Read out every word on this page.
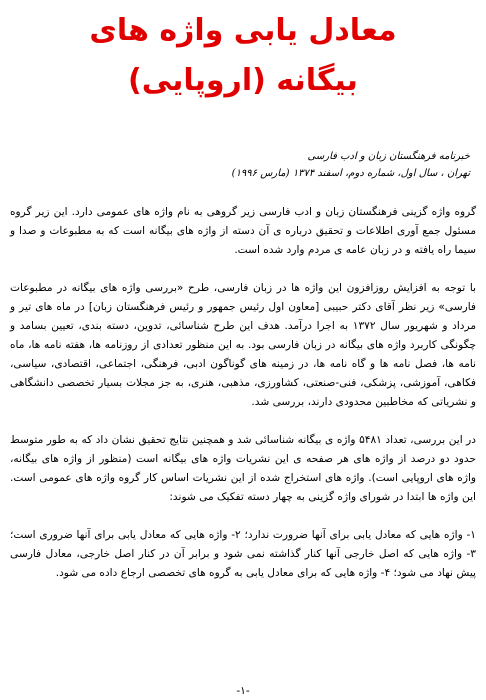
معادل یابی واژه های
بیگانه (اروپایی)
خبرنامه فرهنگستان زبان و ادب فارسی
تهران ، سال اول، شماره دوم، اسفند ۱۳۷۴ (مارس ۱۹۹۶)

گروه واژه گزینی فرهنگستان زبان و ادب فارسی زیر گروهی به نام واژه های عمومی دارد. این زیر گروه مسئول جمع آوری اطلاعات و تحقیق درباره ی آن دسته از واژه های بیگانه است که به مطبوعات و صدا و سیما راه یافته و در زبان عامه ی مردم وارد شده است.

با توجه به افزایش روزافزون این واژه ها در زبان فارسی، طرح «بررسی واژه های بیگانه در مطبوعات فارسی» زیر نظر آقای دکتر حبیبی [معاون اول رئیس جمهور و رئیس فرهنگستان زبان] در ماه های تیر و مرداد و شهریور سال ۱۳۷۲ به اجرا درآمد. هدف این طرح شناسائی، تدوین، دسته بندی، تعیین بسامد و چگونگی کاربرد واژه های بیگانه در زبان فارسی بود. به این منظور تعدادی از روزنامه ها، هفته نامه ها، ماه نامه ها، فصل نامه ها و گاه نامه ها، در زمینه های گوناگون ادبی، فرهنگی، اجتماعی، اقتصادی، سیاسی، فکاهی، آموزشی، پزشکی، فنی-صنعتی، کشاورزی، مذهبی، هنری، به جز مجلات بسیار تخصصی دانشگاهی و نشریاتی که مخاطبین محدودی دارند، بررسی شد.

در این بررسی، تعداد ۵۴۸۱ واژه ی بیگانه شناسائی شد و همچنین نتایج تحقیق نشان داد که به طور متوسط حدود دو درصد از واژه های هر صفحه ی این نشریات واژه های بیگانه است (منظور از واژه های بیگانه، واژه های اروپایی است). واژه های استخراج شده از این نشریات اساس کار گروه واژه های عمومی است. این واژه ها ابتدا در شورای واژه گزینی به چهار دسته تفکیک می شوند:

۱- واژه هایی که معادل یابی برای آنها ضرورت ندارد؛ ۲- واژه هایی که معادل یابی برای آنها ضروری است؛ ۳- واژه هایی که اصل خارجی آنها کنار گذاشته نمی شود و برابر آن در کنار اصل خارجی، معادل فارسی پیش نهاد می شود؛ ۴- واژه هایی که برای معادل یابی به گروه های تخصصی ارجاع داده می شود.

-۱-
